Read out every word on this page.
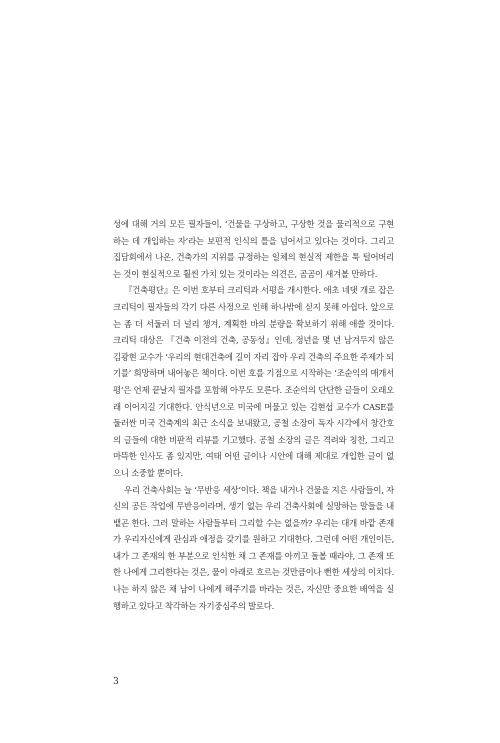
성에 대해 거의 모든 필자들이, ‘건물을 구상하고, 구상한 것을 물리적으로 구현하는 데 개입하는 자’라는 보편적 인식의 틀을 넘어서고 있다는 것이다. 그리고 집담회에서 나온, 건축가의 지위를 규정하는 일체의 현실적 제한을 툭 털어버리는 것이 현실적으로 훨씬 가치 있는 것이라는 의견은, 곰곰이 새겨볼 만하다.

『건축평단』은 이번 호부터 크리틱과 서평을 개시한다. 애초 네댓 개로 잡은 크리틱이 필자들의 각기 다른 사정으로 인해 하나밖에 싣지 못해 아쉽다. 앞으로는 좀 더 서둘러 더 널리 챙겨, 계획한 바의 분량을 확보하기 위해 애쓸 것이다. 크리틱 대상은 『건축 이전의 건축, 공동성』인데, 정년을 몇 년 남겨두지 않은 김광현 교수가 ‘우리의 현대건축에 길이 자리 잡아 우리 건축의 주요한 주제가 되기를’ 희망하며 내어놓은 책이다. 이번 호를 기점으로 시작하는 ‘조순익의 매개서평’은 언제 끝날지 필자를 포함해 아무도 모른다. 조순익의 단단한 글들이 오래오래 이어지길 기대한다. 안식년으로 미국에 머물고 있는 김현섭 교수가 CASE를 둘러싼 미국 건축계의 최근 소식을 보내왔고, 공철 소장이 독자 시각에서 창간호의 글들에 대한 비판적 리뷰를 기고했다. 공철 소장의 글은 격려와 칭찬, 그리고 마뜩한 인사도 좀 있지만, 여태 어떤 글이나 시안에 대해 제대로 개입한 글이 없으니 소중할 뿐이다.

우리 건축사회는 늘 ‘무반응 세상’이다. 책을 내거나 건물을 지은 사람들이, 자신의 공든 작업에 무반응이라며, 생기 없는 우리 건축사회에 실망하는 말들을 내뱉곤 한다. 그러 말하는 사람들부터 그리할 수는 없을까? 우리는 대개 바깥 존재가 우리자신에게 관심과 애정을 갖기를 원하고 기대한다. 그런데 어떤 개인이든, 내가 그 존재의 한 부분으로 인식한 채 그 존재를 아끼고 돌볼 때라야, 그 존재 또한 나에게 그리한다는 것은, 물이 아래로 흐르는 것만큼이나 뻔한 세상의 이치다. 나는 하지 않은 채 남이 나에게 해주기를 바라는 것은, 자신만 중요한 배역을 실행하고 있다고 착각하는 자기중심주의 발로다.

3
